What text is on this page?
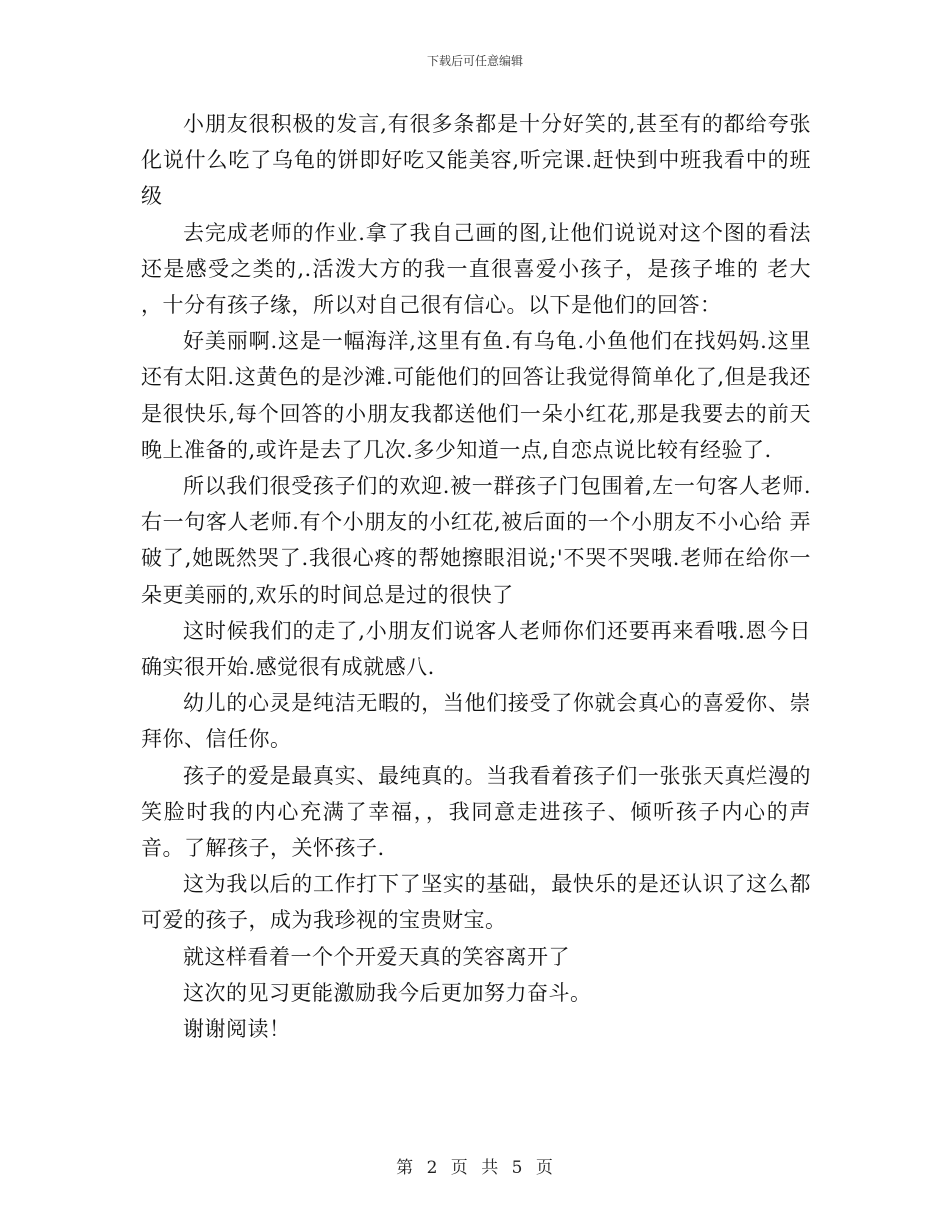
下载后可任意编辑

小朋友很积极的发言,有很多条都是十分好笑的,甚至有的都给夸张化说什么吃了乌龟的饼即好吃又能美容,听完课.赶快到中班我看中的班级

去完成老师的作业.拿了我自己画的图,让他们说说对这个图的看法还是感受之类的,.活泼大方的我一直很喜爱小孩子，是孩子堆的 老大 ，十分有孩子缘，所以对自己很有信心。以下是他们的回答：

好美丽啊.这是一幅海洋,这里有鱼.有乌龟.小鱼他们在找妈妈.这里还有太阳.这黄色的是沙滩.可能他们的回答让我觉得简单化了,但是我还是很快乐,每个回答的小朋友我都送他们一朵小红花,那是我要去的前天晚上准备的,或许是去了几次.多少知道一点,自恋点说比较有经验了.

所以我们很受孩子们的欢迎.被一群孩子门包围着,左一句客人老师.右一句客人老师.有个小朋友的小红花,被后面的一个小朋友不小心给 弄破了,她既然哭了.我很心疼的帮她擦眼泪说;'不哭不哭哦.老师在给你一朵更美丽的,欢乐的时间总是过的很快了

这时候我们的走了,小朋友们说客人老师你们还要再来看哦.恩今日确实很开始.感觉很有成就感八.

幼儿的心灵是纯洁无暇的，当他们接受了你就会真心的喜爱你、崇拜你、信任你。

孩子的爱是最真实、最纯真的。当我看着孩子们一张张天真烂漫的笑脸时我的内心充满了幸福，，我同意走进孩子、倾听孩子内心的声音。了解孩子，关怀孩子.

这为我以后的工作打下了坚实的基础，最快乐的是还认识了这么都可爱的孩子，成为我珍视的宝贵财宝。

就这样看着一个个开爱天真的笑容离开了

这次的见习更能激励我今后更加努力奋斗。

谢谢阅读！

第 2 页 共 5 页
